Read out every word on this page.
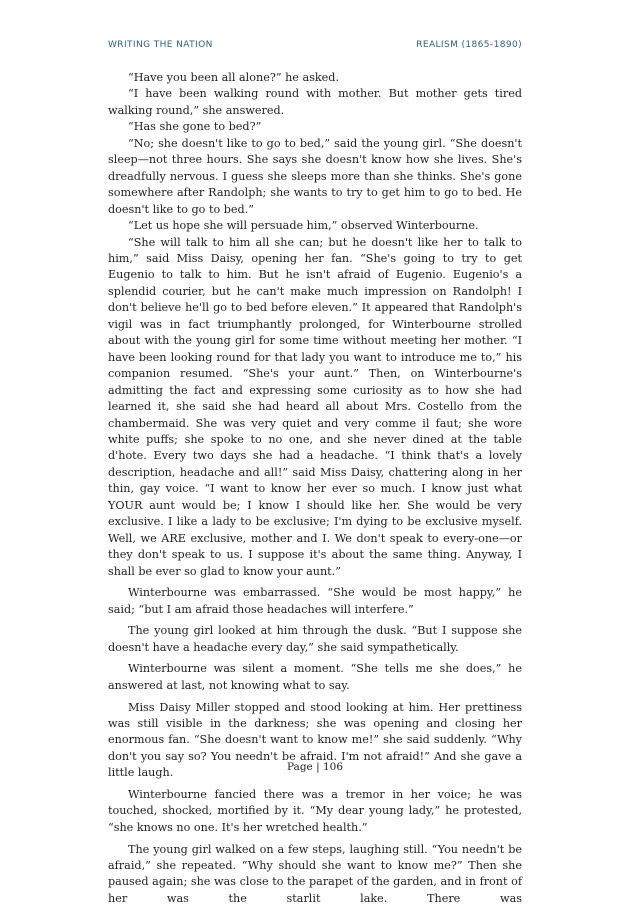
WRITING THE NATION	REALISM (1865-1890)

“Have you been all alone?” he asked.

“I have been walking round with mother. But mother gets tired walking round,” she answered.

“Has she gone to bed?”

“No; she doesn't like to go to bed,” said the young girl. “She doesn't sleep—not three hours. She says she doesn't know how she lives. She's dreadfully nervous. I guess she sleeps more than she thinks. She's gone somewhere after Randolph; she wants to try to get him to go to bed. He doesn't like to go to bed.”

“Let us hope she will persuade him,” observed Winterbourne.

“She will talk to him all she can; but he doesn't like her to talk to him,” said Miss Daisy, opening her fan. “She's going to try to get Eugenio to talk to him. But he isn't afraid of Eugenio. Eugenio's a splendid courier, but he can't make much impression on Randolph! I don't believe he'll go to bed before eleven.” It appeared that Randolph's vigil was in fact triumphantly prolonged, for Winterbourne strolled about with the young girl for some time without meeting her mother. “I have been looking round for that lady you want to introduce me to,” his companion resumed. “She's your aunt.” Then, on Winterbourne's admitting the fact and expressing some curiosity as to how she had learned it, she said she had heard all about Mrs. Costello from the chambermaid. She was very quiet and very comme il faut; she wore white puffs; she spoke to no one, and she never dined at the table d'hote. Every two days she had a headache. “I think that's a lovely description, headache and all!” said Miss Daisy, chattering along in her thin, gay voice. “I want to know her ever so much. I know just what YOUR aunt would be; I know I should like her. She would be very exclusive. I like a lady to be exclusive; I'm dying to be exclusive myself. Well, we ARE exclusive, mother and I. We don't speak to every-one—or they don't speak to us. I suppose it's about the same thing. Anyway, I shall be ever so glad to know your aunt.”

Winterbourne was embarrassed. “She would be most happy,” he said; “but I am afraid those headaches will interfere.”

The young girl looked at him through the dusk. “But I suppose she doesn't have a headache every day,” she said sympathetically.

Winterbourne was silent a moment. “She tells me she does,” he answered at last, not knowing what to say.

Miss Daisy Miller stopped and stood looking at him. Her prettiness was still visible in the darkness; she was opening and closing her enormous fan. “She doesn't want to know me!” she said suddenly. “Why don't you say so? You needn't be afraid. I'm not afraid!” And she gave a little laugh.

Winterbourne fancied there was a tremor in her voice; he was touched, shocked, mortified by it. “My dear young lady,” he protested, “she knows no one. It's her wretched health.”

The young girl walked on a few steps, laughing still. “You needn't be afraid,” she repeated. “Why should she want to know me?” Then she paused again; she was close to the parapet of the garden, and in front of her was the starlit lake. There was

Page | 106
